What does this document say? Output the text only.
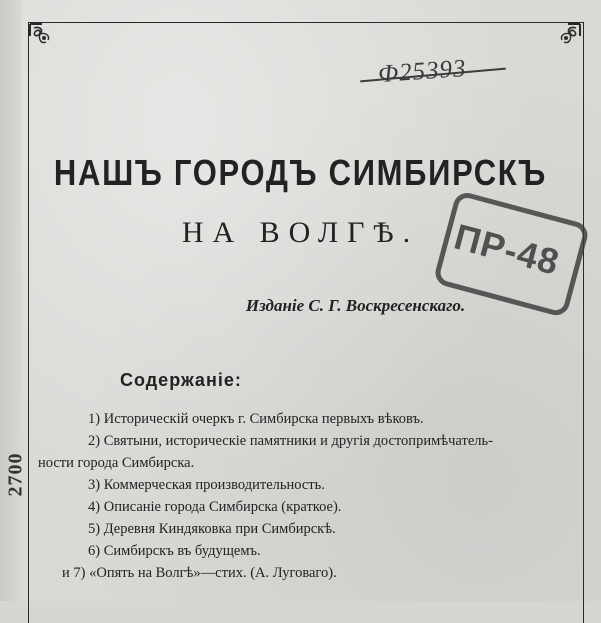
2700
Ф25393
НАШЪ ГОРОДЪ СИМБИРСКЪ
НА ВОЛГѢ. ПР-48
Изданіе С. Г. Воскресенскаго.
Содержаніе:
1) Историческій очеркъ г. Симбирска первыхъ вѣковъ.
2) Святыни, историческіе памятники и другія достопримѣчатель-
ности города Симбирска.
3) Коммерческая производительность.
4) Описаніе города Симбирска (краткое).
5) Деревня Киндяковка при Симбирскѣ.
6) Симбирскъ въ будущемъ.
и 7) «Опять на Волгѣ»—стих. (А. Луговаго).
